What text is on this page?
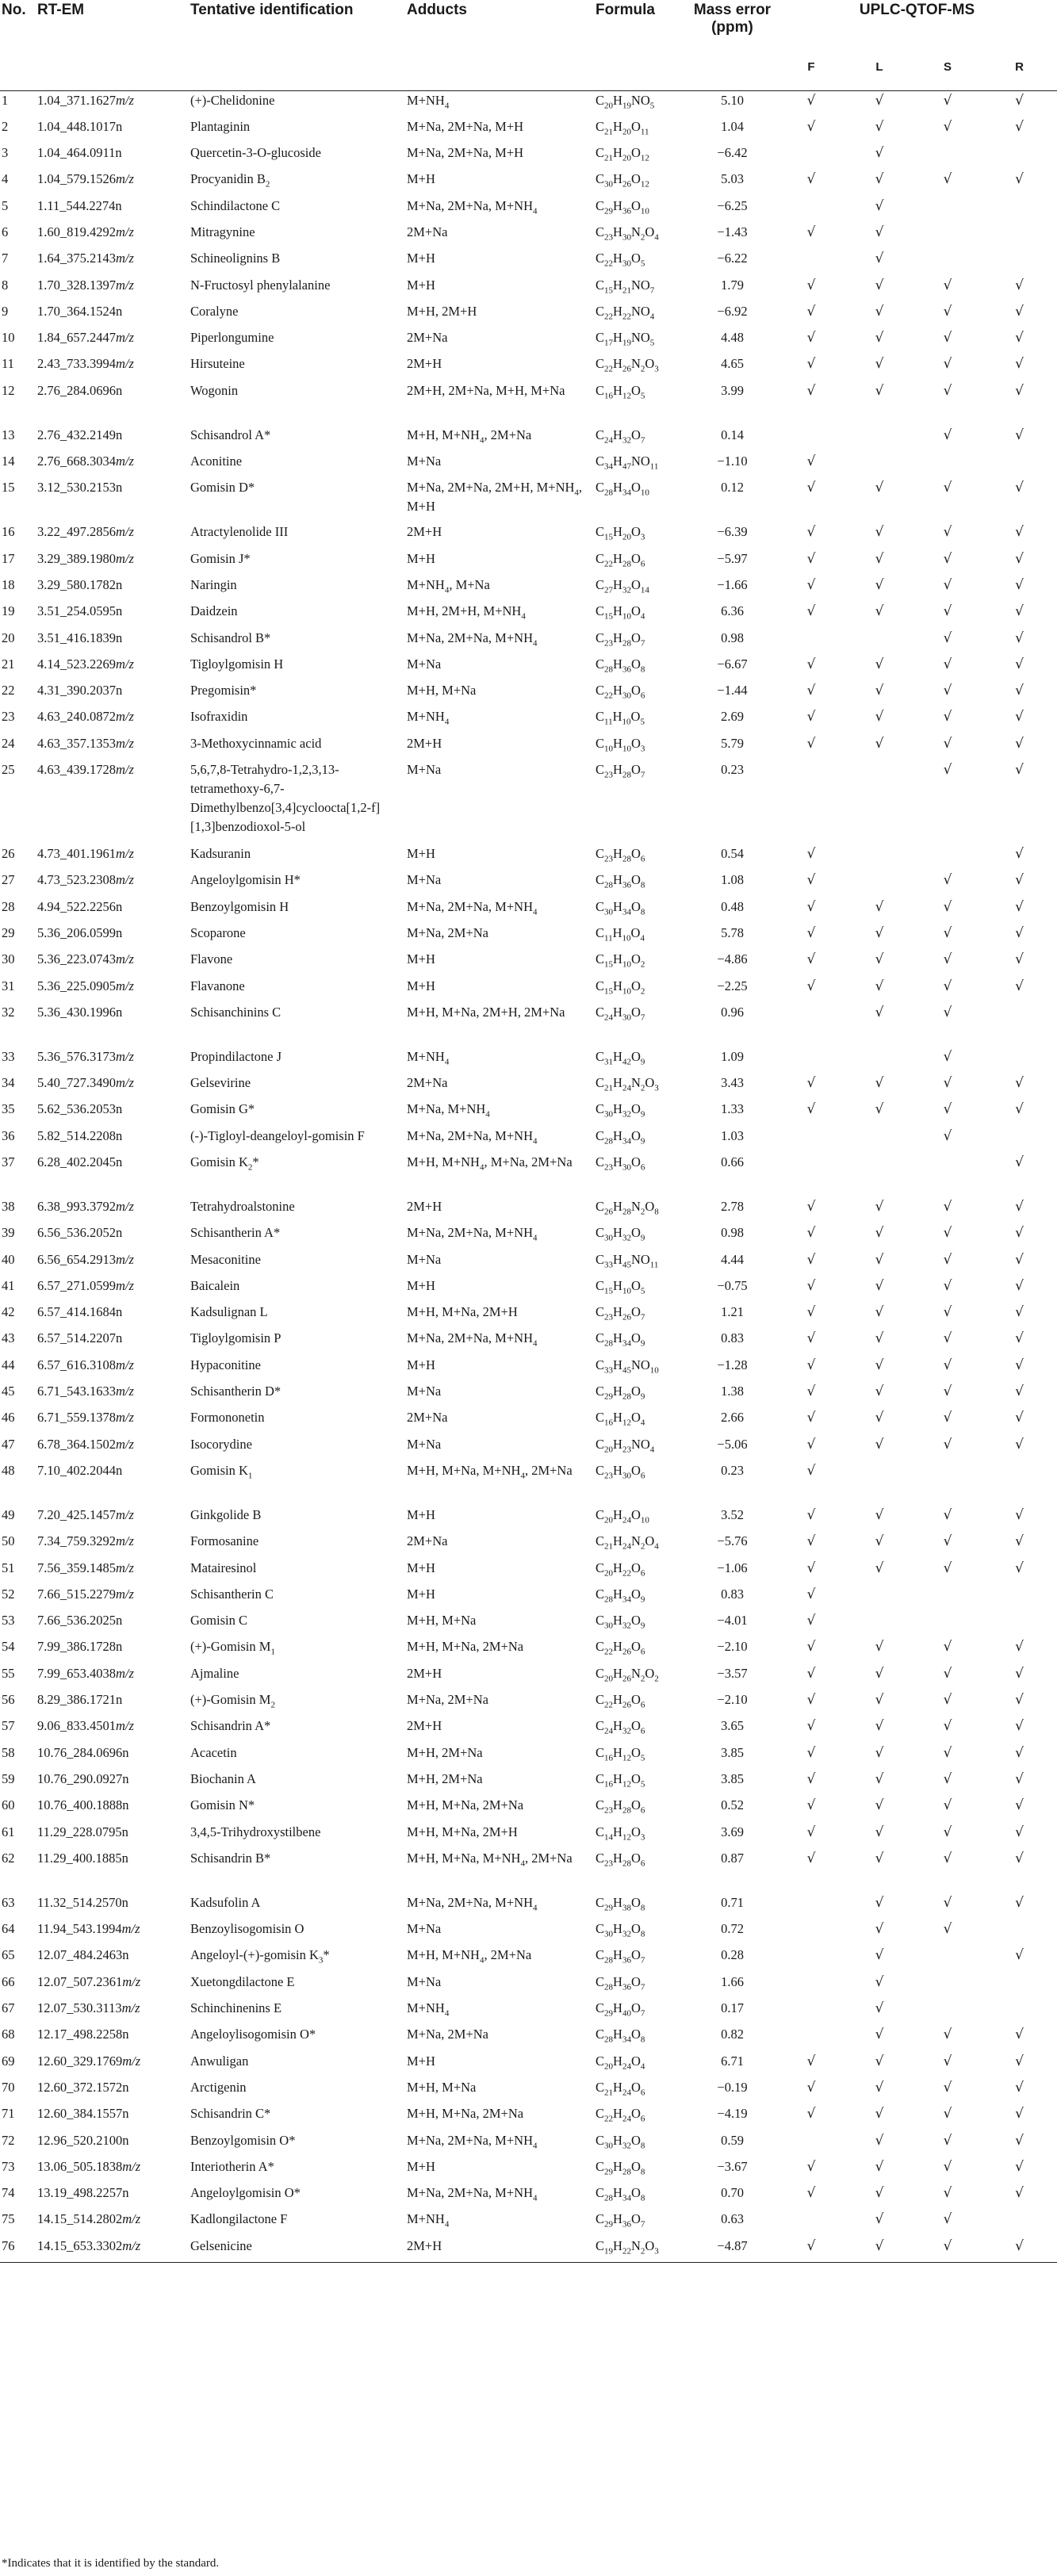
No.	RT-EM	Tentative identification	Adducts	Formula	Mass error (ppm)	UPLC-QTOF-MS			
						F	L	S	R
1	1.04_371.1627m/z	(+)-Chelidonine	$M+NH_4$	$C_{20}H_{19}NO_5$	5.10	√	√	√	√
2	1.04_448.1017n	Plantaginin	M+Na, 2M+Na, M+H	$C_{21}H_{20}O_{11}$	1.04	√	√	√	√
3	1.04_464.0911n	Quercetin-3-O-glucoside	M+Na, 2M+Na, M+H	$C_{21}H_{20}O_{12}$	−6.42		√		
4	1.04_579.1526m/z	Procyanidin $B_2$	M+H	$C_{30}H_{26}O_{12}$	5.03	√	√	√	√
5	1.11_544.2274n	Schindilactone C	M+Na, 2M+Na, $M+NH_4$	$C_{29}H_{36}O_{10}$	−6.25		√		
6	1.60_819.4292m/z	Mitragynine	2M+Na	$C_{23}H_{30}N_2O_4$	−1.43	√	√		
7	1.64_375.2143m/z	Schineolignins B	M+H	$C_{22}H_{30}O_5$	−6.22		√		
8	1.70_328.1397m/z	N-Fructosyl phenylalanine	M+H	$C_{15}H_{21}NO_7$	1.79	√	√	√	√
9	1.70_364.1524n	Coralyne	M+H, 2M+H	$C_{22}H_{22}NO_4$	−6.92	√	√	√	√
10	1.84_657.2447m/z	Piperlongumine	2M+Na	$C_{17}H_{19}NO_5$	4.48	√	√	√	√
11	2.43_733.3994m/z	Hirsuteine	2M+H	$C_{22}H_{26}N_2O_3$	4.65	√	√	√	√
12	2.76_284.0696n	Wogonin	2M+H, 2M+Na, M+H, M+Na	$C_{16}H_{12}O_5$	3.99	√	√	√	√
13	2.76_432.2149n	Schisandrol A*	M+H, $M+NH_4$, 2M+Na	$C_{24}H_{32}O_7$	0.14			√	√
14	2.76_668.3034m/z	Aconitine	M+Na	$C_{34}H_{47}NO_{11}$	−1.10	√			
15	3.12_530.2153n	Gomisin D*	M+Na, 2M+Na, 2M+H, $M+NH_4$, M+H	$C_{28}H_{34}O_{10}$	0.12	√	√	√	√
16	3.22_497.2856m/z	Atractylenolide III	2M+H	$C_{15}H_{20}O_3$	−6.39	√	√	√	√
17	3.29_389.1980m/z	Gomisin J*	M+H	$C_{22}H_{28}O_6$	−5.97	√	√	√	√
18	3.29_580.1782n	Naringin	$M+NH_4$, M+Na	$C_{27}H_{32}O_{14}$	−1.66	√	√	√	√
19	3.51_254.0595n	Daidzein	M+H, 2M+H, $M+NH_4$	$C_{15}H_{10}O_4$	6.36	√	√	√	√
20	3.51_416.1839n	Schisandrol B*	M+Na, 2M+Na, $M+NH_4$	$C_{23}H_{28}O_7$	0.98			√	√
21	4.14_523.2269m/z	Tigloylgomisin H	M+Na	$C_{28}H_{36}O_8$	−6.67	√	√	√	√
22	4.31_390.2037n	Pregomisin*	M+H, M+Na	$C_{22}H_{30}O_6$	−1.44	√	√	√	√
23	4.63_240.0872m/z	Isofraxidin	$M+NH_4$	$C_{11}H_{10}O_5$	2.69	√	√	√	√
24	4.63_357.1353m/z	3-Methoxycinnamic acid	2M+H	$C_{10}H_{10}O_3$	5.79	√	√	√	√
25	4.63_439.1728m/z	5,6,7,8-Tetrahydro-1,2,3,13-tetramethoxy-6,7-Dimethylbenzo[3,4]cycloocta[1,2-f][1,3]benzodioxol-5-ol	M+Na	$C_{23}H_{28}O_7$	0.23			√	√
26	4.73_401.1961m/z	Kadsuranin	M+H	$C_{23}H_{28}O_6$	0.54	√			√
27	4.73_523.2308m/z	Angeloylgomisin H*	M+Na	$C_{28}H_{36}O_8$	1.08	√		√	√
28	4.94_522.2256n	Benzoylgomisin H	M+Na, 2M+Na, $M+NH_4$	$C_{30}H_{34}O_8$	0.48	√	√	√	√
29	5.36_206.0599n	Scoparone	M+Na, 2M+Na	$C_{11}H_{10}O_4$	5.78	√	√	√	√
30	5.36_223.0743m/z	Flavone	M+H	$C_{15}H_{10}O_2$	−4.86	√	√	√	√
31	5.36_225.0905m/z	Flavanone	M+H	$C_{15}H_{10}O_2$	−2.25	√	√	√	√
32	5.36_430.1996n	Schisanchinins C	M+H, M+Na, 2M+H, 2M+Na	$C_{24}H_{30}O_7$	0.96		√	√	
33	5.36_576.3173m/z	Propindilactone J	$M+NH_4$	$C_{31}H_{42}O_9$	1.09			√	
34	5.40_727.3490m/z	Gelsevirine	2M+Na	$C_{21}H_{24}N_2O_3$	3.43	√	√	√	√
35	5.62_536.2053n	Gomisin G*	M+Na, $M+NH_4$	$C_{30}H_{32}O_9$	1.33	√	√	√	√
36	5.82_514.2208n	(-)-Tigloyl-deangeloyl-gomisin F	M+Na, 2M+Na, $M+NH_4$	$C_{28}H_{34}O_9$	1.03			√	
37	6.28_402.2045n	Gomisin $K_2*$	M+H, $M+NH_4$, M+Na, 2M+Na	$C_{23}H_{30}O_6$	0.66				√
38	6.38_993.3792m/z	Tetrahydroalstonine	2M+H	$C_{26}H_{28}N_2O_8$	2.78	√	√	√	√
39	6.56_536.2052n	Schisantherin A*	M+Na, 2M+Na, $M+NH_4$	$C_{30}H_{32}O_9$	0.98	√	√	√	√
40	6.56_654.2913m/z	Mesaconitine	M+Na	$C_{33}H_{45}NO_{11}$	4.44	√	√	√	√
41	6.57_271.0599m/z	Baicalein	M+H	$C_{15}H_{10}O_5$	−0.75	√	√	√	√
42	6.57_414.1684n	Kadsulignan L	M+H, M+Na, 2M+H	$C_{23}H_{26}O_7$	1.21	√	√	√	√
43	6.57_514.2207n	Tigloylgomisin P	M+Na, 2M+Na, $M+NH_4$	$C_{28}H_{34}O_9$	0.83	√	√	√	√
44	6.57_616.3108m/z	Hypaconitine	M+H	$C_{33}H_{45}NO_{10}$	−1.28	√	√	√	√
45	6.71_543.1633m/z	Schisantherin D*	M+Na	$C_{29}H_{28}O_9$	1.38	√	√	√	√
46	6.71_559.1378m/z	Formononetin	2M+Na	$C_{16}H_{12}O_4$	2.66	√	√	√	√
47	6.78_364.1502m/z	Isocorydine	M+Na	$C_{20}H_{23}NO_4$	−5.06	√	√	√	√
48	7.10_402.2044n	Gomisin $K_1$	M+H, M+Na, $M+NH_4$, 2M+Na	$C_{23}H_{30}O_6$	0.23	√			
49	7.20_425.1457m/z	Ginkgolide B	M+H	$C_{20}H_{24}O_{10}$	3.52	√	√	√	√
50	7.34_759.3292m/z	Formosanine	2M+Na	$C_{21}H_{24}N_2O_4$	−5.76	√	√	√	√
51	7.56_359.1485m/z	Matairesinol	M+H	$C_{20}H_{22}O_6$	−1.06	√	√	√	√
52	7.66_515.2279m/z	Schisantherin C	M+H	$C_{28}H_{34}O_9$	0.83	√			
53	7.66_536.2025n	Gomisin C	M+H, M+Na	$C_{30}H_{32}O_9$	−4.01	√			
54	7.99_386.1728n	(+)-Gomisin $M_1$	M+H, M+Na, 2M+Na	$C_{22}H_{26}O_6$	−2.10	√	√	√	√
55	7.99_653.4038m/z	Ajmaline	2M+H	$C_{20}H_{26}N_2O_2$	−3.57	√	√	√	√
56	8.29_386.1721n	(+)-Gomisin $M_2$	M+Na, 2M+Na	$C_{22}H_{26}O_6$	−2.10	√	√	√	√
57	9.06_833.4501m/z	Schisandrin A*	2M+H	$C_{24}H_{32}O_6$	3.65	√	√	√	√
58	10.76_284.0696n	Acacetin	M+H, 2M+Na	$C_{16}H_{12}O_5$	3.85	√	√	√	√
59	10.76_290.0927n	Biochanin A	M+H, 2M+Na	$C_{16}H_{12}O_5$	3.85	√	√	√	√
60	10.76_400.1888n	Gomisin N*	M+H, M+Na, 2M+Na	$C_{23}H_{28}O_6$	0.52	√	√	√	√
61	11.29_228.0795n	3,4,5-Trihydroxystilbene	M+H, M+Na, 2M+H	$C_{14}H_{12}O_3$	3.69	√	√	√	√
62	11.29_400.1885n	Schisandrin B*	M+H, M+Na, $M+NH_4$, 2M+Na	$C_{23}H_{28}O_6$	0.87	√	√	√	√
63	11.32_514.2570n	Kadsufolin A	M+Na, 2M+Na, $M+NH_4$	$C_{29}H_{38}O_8$	0.71		√	√	√
64	11.94_543.1994m/z	Benzoylisogomisin O	M+Na	$C_{30}H_{32}O_8$	0.72		√	√	
65	12.07_484.2463n	Angeloyl-(+)-gomisin $K_3*$	M+H, $M+NH_4$, 2M+Na	$C_{28}H_{36}O_7$	0.28		√		√
66	12.07_507.2361m/z	Xuetongdilactone E	M+Na	$C_{28}H_{36}O_7$	1.66		√		
67	12.07_530.3113m/z	Schinchinenins E	$M+NH_4$	$C_{29}H_{40}O_7$	0.17		√		
68	12.17_498.2258n	Angeloylisogomisin O*	M+Na, 2M+Na	$C_{28}H_{34}O_8$	0.82		√	√	√
69	12.60_329.1769m/z	Anwuligan	M+H	$C_{20}H_{24}O_4$	6.71	√	√	√	√
70	12.60_372.1572n	Arctigenin	M+H, M+Na	$C_{21}H_{24}O_6$	−0.19	√	√	√	√
71	12.60_384.1557n	Schisandrin C*	M+H, M+Na, 2M+Na	$C_{22}H_{24}O_6$	−4.19	√	√	√	√
72	12.96_520.2100n	Benzoylgomisin O*	M+Na, 2M+Na, $M+NH_4$	$C_{30}H_{32}O_8$	0.59		√	√	√
73	13.06_505.1838m/z	Interiotherin A*	M+H	$C_{29}H_{28}O_8$	−3.67	√	√	√	√
74	13.19_498.2257n	Angeloylgomisin O*	M+Na, 2M+Na, $M+NH_4$	$C_{28}H_{34}O_8$	0.70	√	√	√	√
75	14.15_514.2802m/z	Kadlongilactone F	$M+NH_4$	$C_{29}H_{36}O_7$	0.63		√	√	
76	14.15_653.3302m/z	Gelsenicine	2M+H	$C_{19}H_{22}N_2O_3$	−4.87	√	√	√	√
*Indicates that it is identified by the standard.
